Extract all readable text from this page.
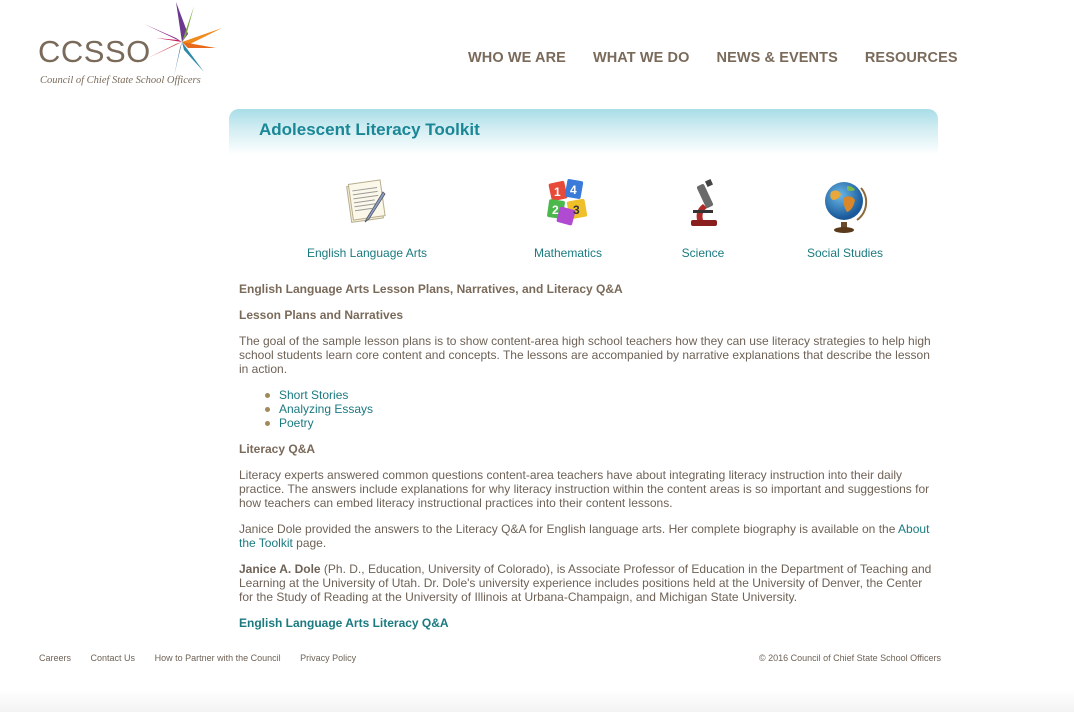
CCSSO
Council of Chief State School Officers
WHO WE ARE WHAT WE DO NEWS & EVENTS RESOURCES
Adolescent Literacy Toolkit
English Language Arts
1 4
2 3
Mathematics	Science	Social Studies
English Language Arts Lesson Plans, Narratives, and Literacy Q&A
Lesson Plans and Narratives

The goal of the sample lesson plans is to show content-area high school teachers how they can use literacy strategies to help high school students learn core content and concepts. The lessons are accompanied by narrative explanations that describe the lesson in action.

Short Stories
Analyzing Essays
Poetry
Literacy Q&A

Literacy experts answered common questions content-area teachers have about integrating literacy instruction into their daily practice. The answers include explanations for why literacy instruction within the content areas is so important and suggestions for how teachers can embed literacy instructional practices into their content lessons.

Janice Dole provided the answers to the Literacy Q&A for English language arts. Her complete biography is available on the About the Toolkit page.

Janice A. Dole (Ph. D., Education, University of Colorado), is Associate Professor of Education in the Department of Teaching and Learning at the University of Utah. Dr. Dole's university experience includes positions held at the University of Denver, the Center for the Study of Reading at the University of Illinois at Urbana-Champaign, and Michigan State University.

English Language Arts Literacy Q&A

Careers Contact Us How to Partner with the Council Privacy Policy	© 2016 Council of Chief State School Officers
